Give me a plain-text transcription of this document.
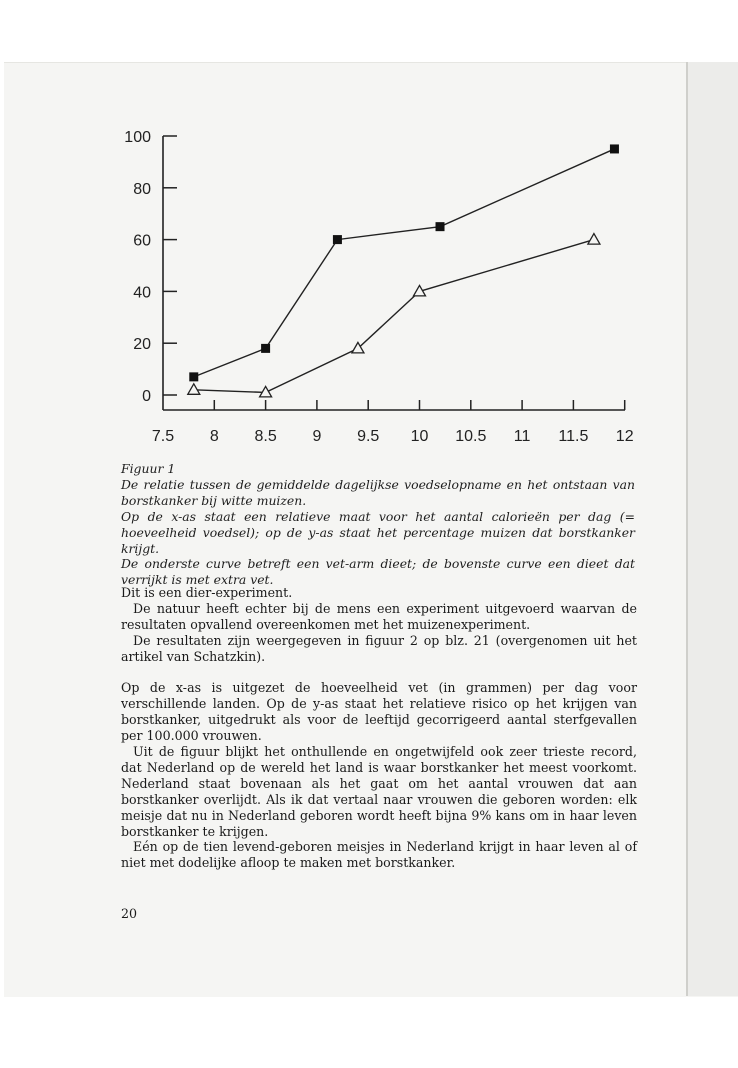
100
80
60
40
20
0
7.5 8 8.5 9 9.5 10 10.5 11 11.5 12

Figuur 1

De relatie tussen de gemiddelde dagelijkse voedselopname en het ontstaan van borstkanker bij witte muizen.

Op de x-as staat een relatieve maat voor het aantal calorieën per dag (= hoeveelheid voedsel); op de y-as staat het percentage muizen dat borstkanker krijgt.

De onderste curve betreft een vet-arm dieet; de bovenste curve een dieet dat verrijkt is met extra vet.

Dit is een dier-experiment.

De natuur heeft echter bij de mens een experiment uitgevoerd waarvan de resultaten opvallend overeenkomen met het muizenexperiment.

De resultaten zijn weergegeven in figuur 2 op blz. 21 (overgenomen uit het artikel van Schatzkin).

Op de x-as is uitgezet de hoeveelheid vet (in grammen) per dag voor verschillende landen. Op de y-as staat het relatieve risico op het krijgen van borstkanker, uitgedrukt als voor de leeftijd gecorrigeerd aantal sterfgevallen per 100.000 vrouwen.

Uit de figuur blijkt het onthullende en ongetwijfeld ook zeer trieste record, dat Nederland op de wereld het land is waar borstkanker het meest voorkomt. Nederland staat bovenaan als het gaat om het aantal vrouwen dat aan borstkanker overlijdt. Als ik dat vertaal naar vrouwen die geboren worden: elk meisje dat nu in Nederland geboren wordt heeft bijna 9% kans om in haar leven borstkanker te krijgen.

Eén op de tien levend-geboren meisjes in Nederland krijgt in haar leven al of niet met dodelijke afloop te maken met borstkanker.

20
